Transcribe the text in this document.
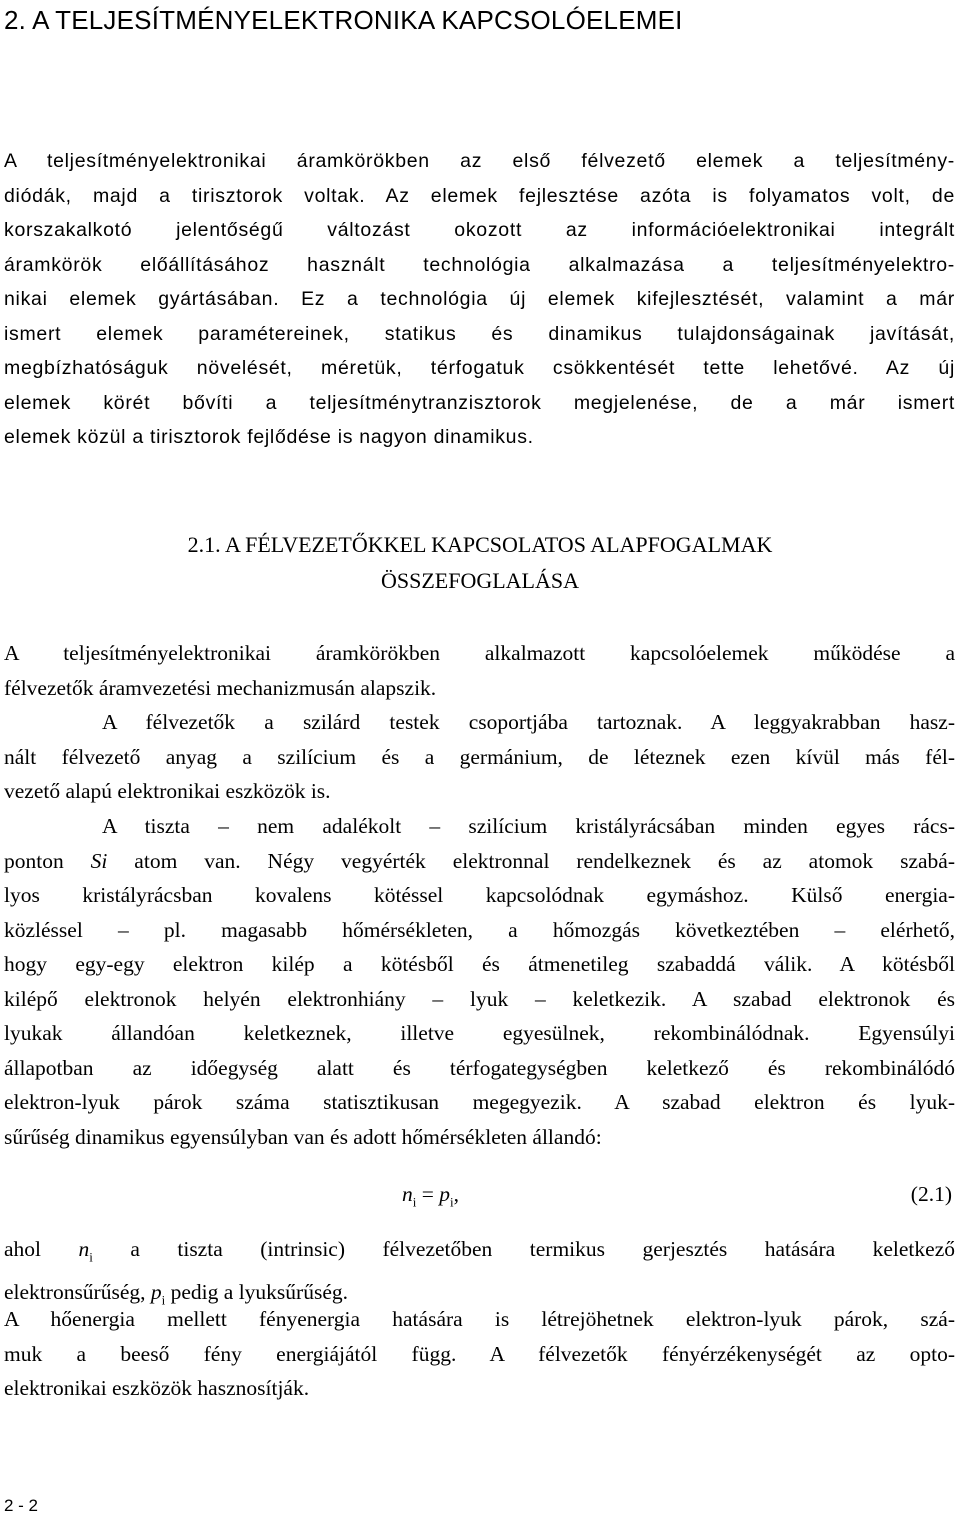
2. A TELJESÍTMÉNYELEKTRONIKA KAPCSOLÓELEMEI
A teljesítményelektronikai áramkörökben az első félvezető elemek a teljesítmény-
diódák, majd a tirisztorok voltak. Az elemek fejlesztése azóta is folyamatos volt, de
korszakalkotó jelentőségű változást okozott az információelektronikai integrált
áramkörök előállításához használt technológia alkalmazása a teljesítményelektro-
nikai elemek gyártásában. Ez a technológia új elemek kifejlesztését, valamint a már
ismert elemek paramétereinek, statikus és dinamikus tulajdonságainak javítását,
megbízhatóságuk növelését, méretük, térfogatuk csökkentését tette lehetővé. Az új
elemek körét bővíti a teljesítménytranzisztorok megjelenése, de a már ismert
elemek közül a tirisztorok fejlődése is nagyon dinamikus.
2.1. A FÉLVEZETŐKKEL KAPCSOLATOS ALAPFOGALMAK
ÖSSZEFOGLALÁSA
A teljesítményelektronikai áramkörökben alkalmazott kapcsolóelemek működése a
félvezetők áramvezetési mechanizmusán alapszik.
A félvezetők a szilárd testek csoportjába tartoznak. A leggyakrabban hasz-
nált félvezető anyag a szilícium és a germánium, de léteznek ezen kívül más fél-
vezető alapú elektronikai eszközök is.
A tiszta – nem adalékolt – szilícium kristályrácsában minden egyes rács-
ponton Si atom van. Négy vegyérték elektronnal rendelkeznek és az atomok szabá-
lyos kristályrácsban kovalens kötéssel kapcsolódnak egymáshoz. Külső energia-
közléssel – pl. magasabb hőmérsékleten, a hőmozgás következtében – elérhető,
hogy egy-egy elektron kilép a kötésből és átmenetileg szabaddá válik. A kötésből
kilépő elektronok helyén elektronhiány – lyuk – keletkezik. A szabad elektronok és
lyukak állandóan keletkeznek, illetve egyesülnek, rekombinálódnak. Egyensúlyi
állapotban az időegység alatt és térfogategységben keletkező és rekombinálódó
elektron-lyuk párok száma statisztikusan megegyezik. A szabad elektron és lyuk-
sűrűség dinamikus egyensúlyban van és adott hőmérsékleten állandó:
$n_i = p_i$,	(2.1)
ahol $n_i$ a tiszta (intrinsic) félvezetőben termikus gerjesztés hatására keletkező
elektronsűrűség, $p_i$ pedig a lyuksűrűség.
A hőenergia mellett fényenergia hatására is létrejöhetnek elektron-lyuk párok, szá-
muk a beeső fény energiájától függ. A félvezetők fényérzékenységét az opto-
elektronikai eszközök hasznosítják.
2 - 2
